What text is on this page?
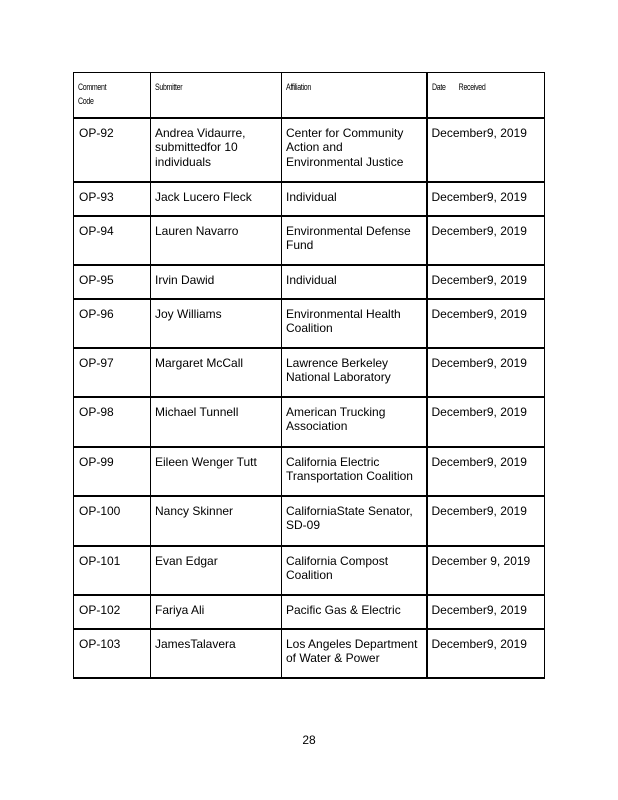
Comment
Code	Submitter	Affiliation	Date        Received
OP-92	Andrea Vidaurre, submittedfor 10 individuals	Center for Community Action and Environmental Justice	December9, 2019
OP-93	Jack Lucero Fleck	Individual	December9, 2019
OP-94	Lauren Navarro	Environmental Defense Fund	December9, 2019
OP-95	Irvin Dawid	Individual	December9, 2019
OP-96	Joy Williams	Environmental Health Coalition	December9, 2019
OP-97	Margaret McCall	Lawrence Berkeley National Laboratory	December9, 2019
OP-98	Michael Tunnell	American Trucking Association	December9, 2019
OP-99	Eileen Wenger Tutt	California Electric Transportation Coalition	December9, 2019
OP-100	Nancy Skinner	CaliforniaState Senator, SD-09	December9, 2019
OP-101	Evan Edgar	California Compost Coalition	December 9, 2019
OP-102	Fariya Ali	Pacific Gas & Electric	December9, 2019
OP-103	JamesTalavera	Los Angeles Department of Water & Power	December9, 2019
28
